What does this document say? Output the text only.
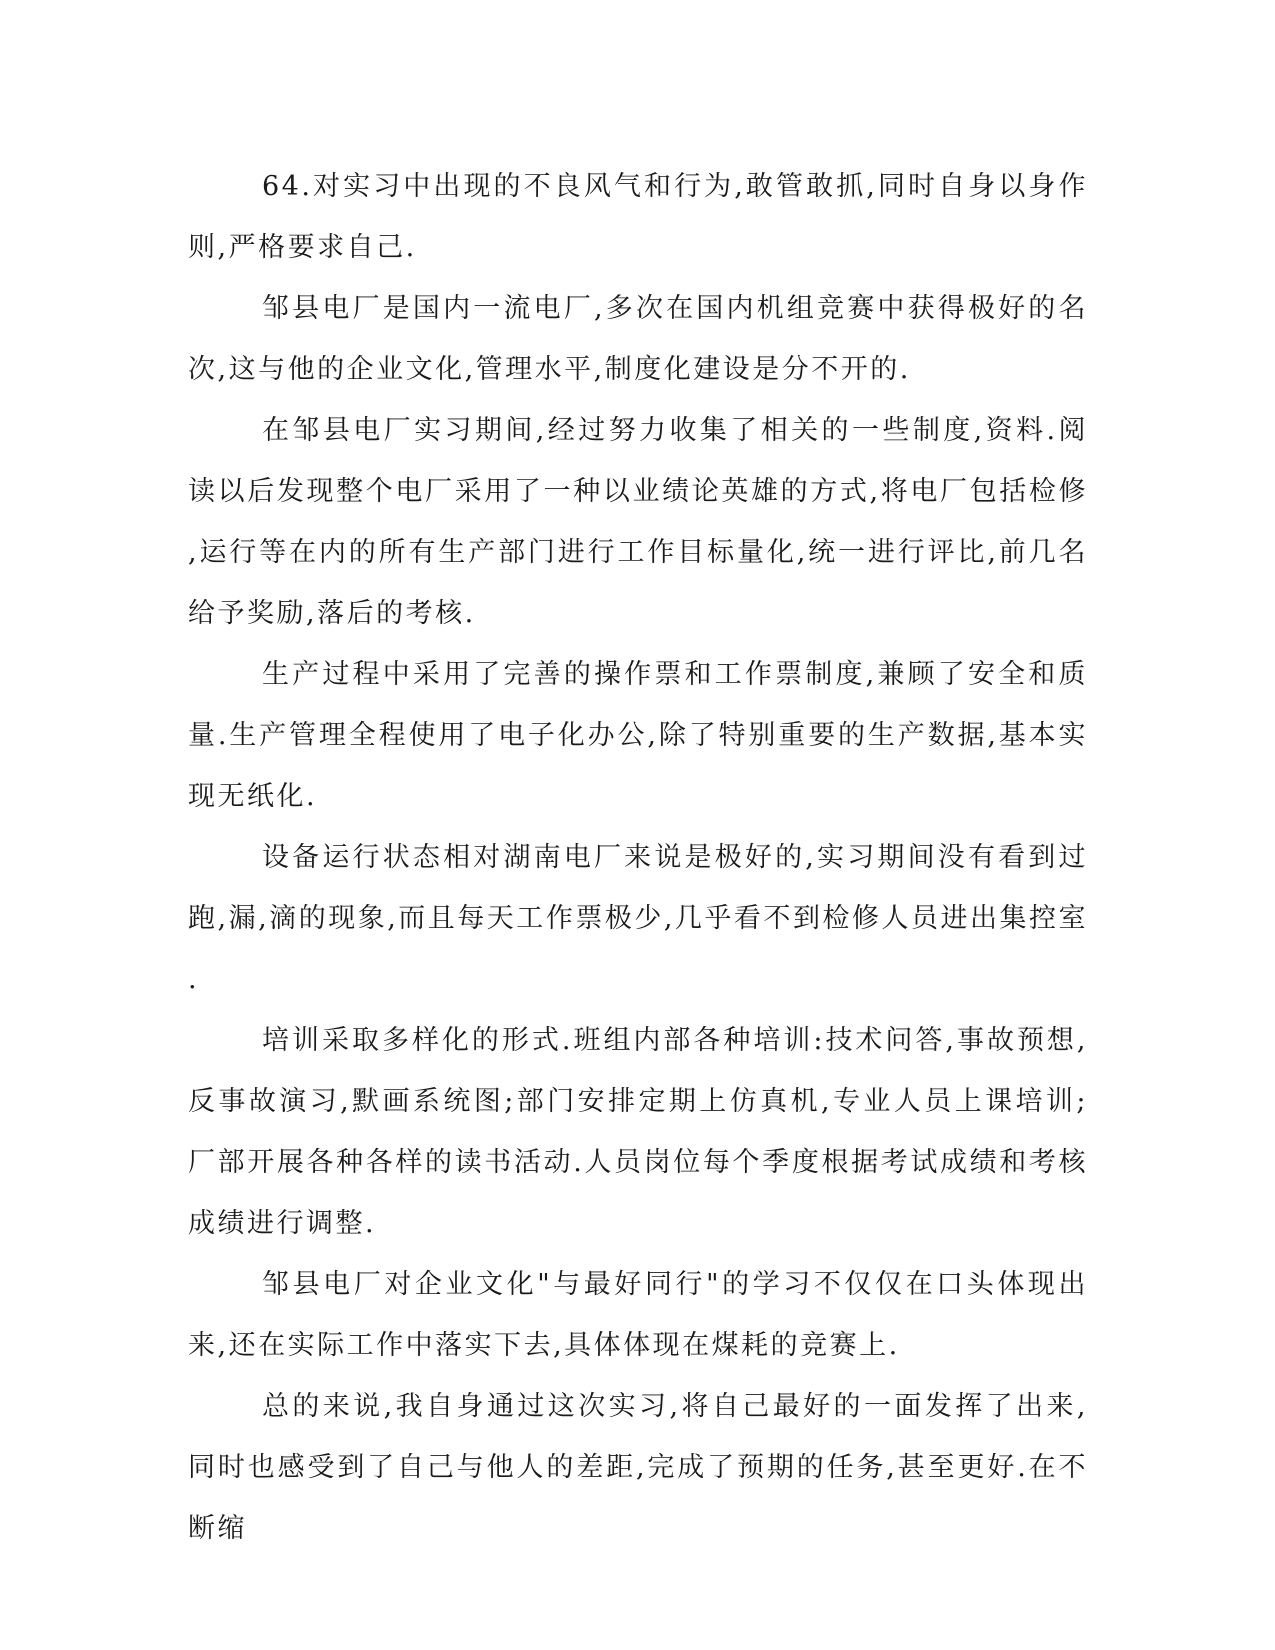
64.对实习中出现的不良风气和行为,敢管敢抓,同时自身以身作则,严格要求自己.

邹县电厂是国内一流电厂,多次在国内机组竞赛中获得极好的名次,这与他的企业文化,管理水平,制度化建设是分不开的.

在邹县电厂实习期间,经过努力收集了相关的一些制度,资料.阅读以后发现整个电厂采用了一种以业绩论英雄的方式,将电厂包括检修,运行等在内的所有生产部门进行工作目标量化,统一进行评比,前几名给予奖励,落后的考核.

生产过程中采用了完善的操作票和工作票制度,兼顾了安全和质量.生产管理全程使用了电子化办公,除了特别重要的生产数据,基本实现无纸化.

设备运行状态相对湖南电厂来说是极好的,实习期间没有看到过跑,漏,滴的现象,而且每天工作票极少,几乎看不到检修人员进出集控室.

培训采取多样化的形式.班组内部各种培训:技术问答,事故预想,反事故演习,默画系统图;部门安排定期上仿真机,专业人员上课培训;厂部开展各种各样的读书活动.人员岗位每个季度根据考试成绩和考核成绩进行调整.

邹县电厂对企业文化"与最好同行"的学习不仅仅在口头体现出来,还在实际工作中落实下去,具体体现在煤耗的竞赛上.

总的来说,我自身通过这次实习,将自己最好的一面发挥了出来,同时也感受到了自己与他人的差距,完成了预期的任务,甚至更好.在不断缩
